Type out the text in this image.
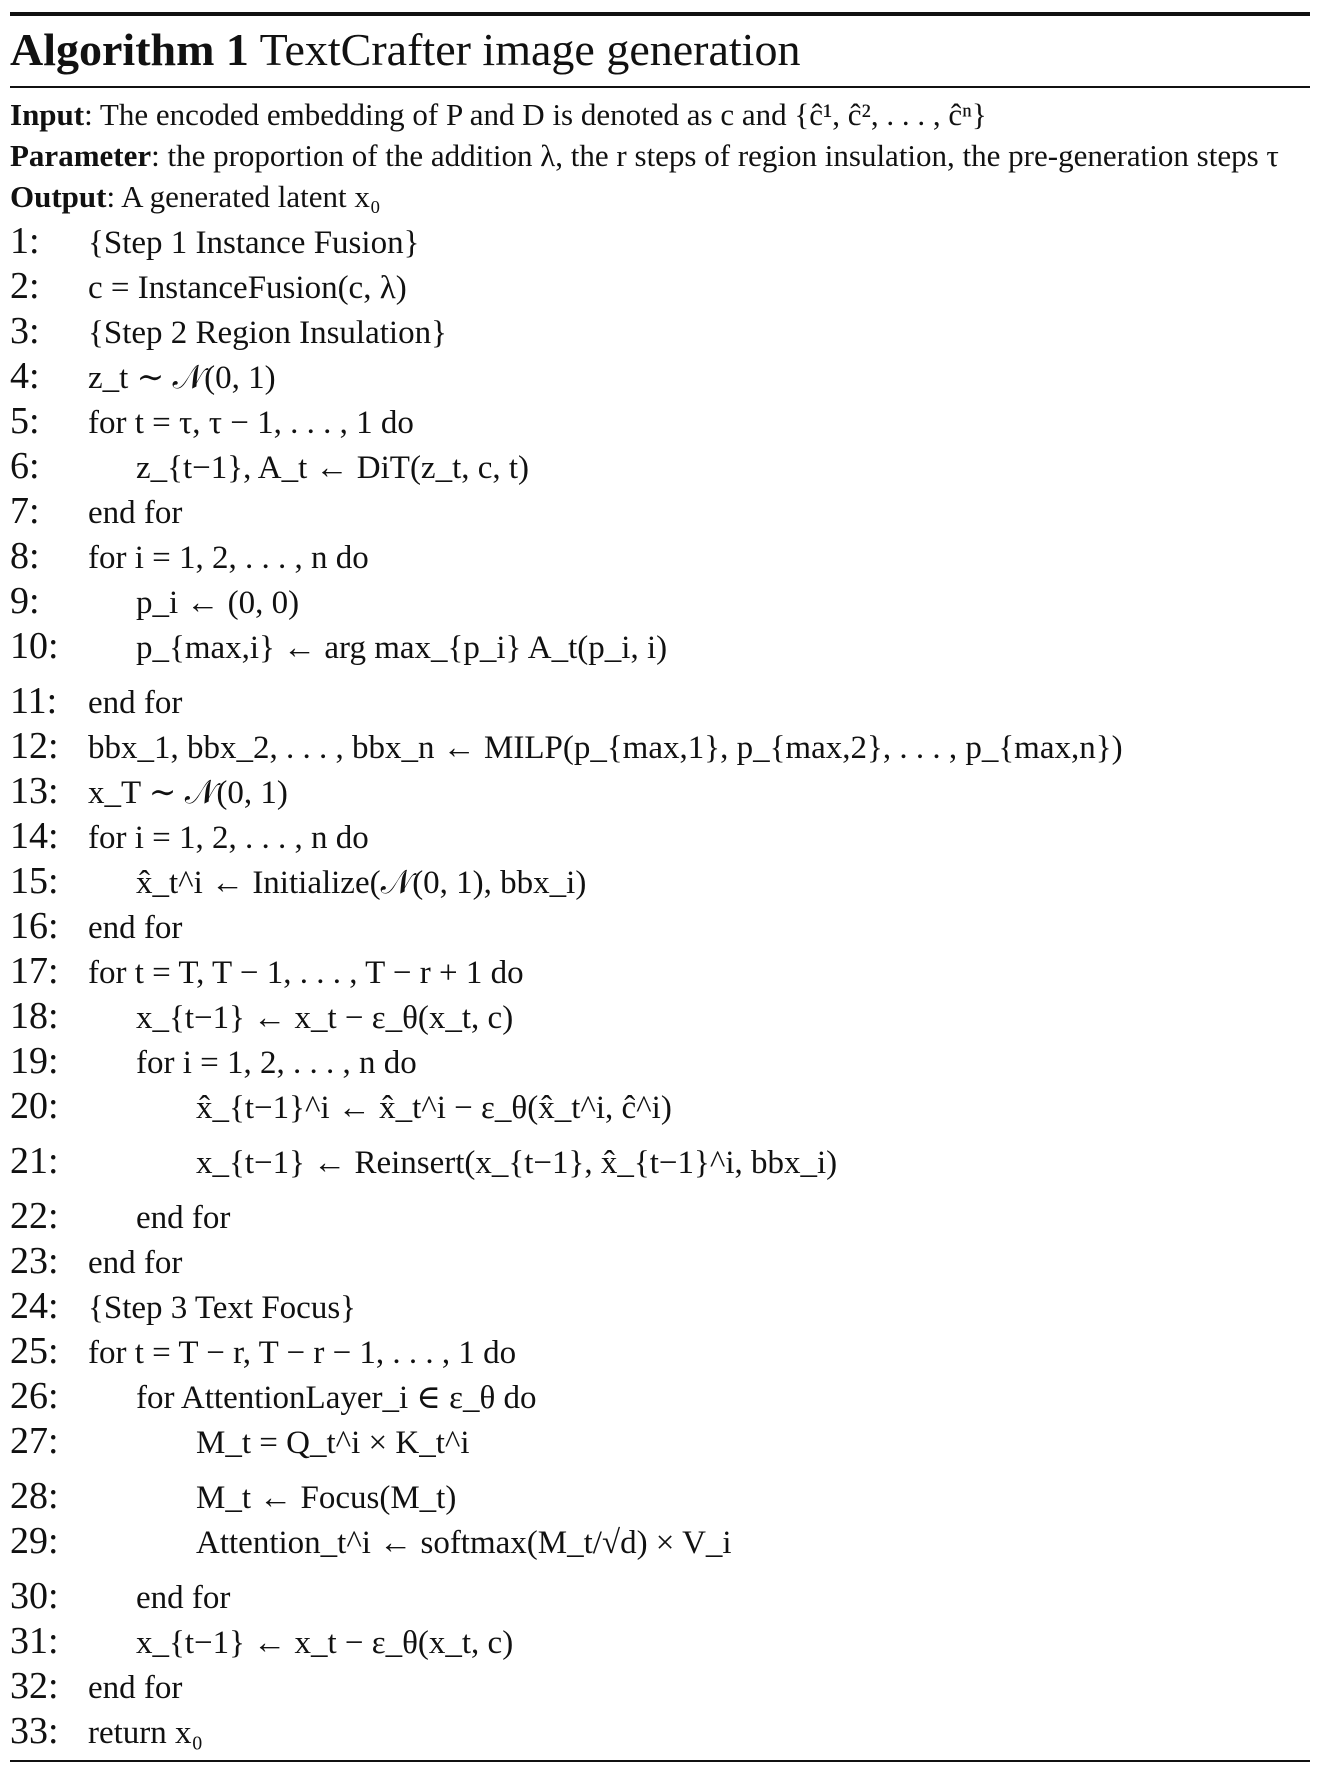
Algorithm 1 TextCrafter image generation
Input: The encoded embedding of P and D is denoted as c and {ĉ¹, ĉ², . . . , ĉⁿ}
Parameter: the proportion of the addition λ, the r steps of region insulation, the pre-generation steps τ
Output: A generated latent x₀
1:	{Step 1 Instance Fusion}
2:	c = InstanceFusion(c, λ)
3:	{Step 2 Region Insulation}
4:	z_t ∼ 𝒩(0, 1)
5:	for t = τ, τ − 1, . . . , 1 do
6:	z_{t−1}, A_t ← DiT(z_t, c, t)
7:	end for
8:	for i = 1, 2, . . . , n do
9:	p_i ← (0, 0)
10:	p_{max,i} ← arg max_{p_i} A_t(p_i, i)
11: end for
12: bbx_1, bbx_2, . . . , bbx_n ← MILP(p_{max,1}, p_{max,2}, . . . , p_{max,n})
13: x_T ∼ 𝒩(0, 1)
14: for i = 1, 2, . . . , n do
15:	x̂_t^i ← Initialize(𝒩(0, 1), bbx_i)
16: end for
17: for t = T, T − 1, . . . , T − r + 1 do
18:	x_{t−1} ← x_t − ε_θ(x_t, c)
19:	for i = 1, 2, . . . , n do
20:	x̂_{t−1}^i ← x̂_t^i − ε_θ(x̂_t^i, ĉ^i)
21:	x_{t−1} ← Reinsert(x_{t−1}, x̂_{t−1}^i, bbx_i)
22:	end for
23: end for
24: {Step 3 Text Focus}
25: for t = T − r, T − r − 1, . . . , 1 do
26:	for AttentionLayer_i ∈ ε_θ do
27:	M_t = Q_t^i × K_t^i
28:	M_t ← Focus(M_t)
29:	Attention_t^i ← softmax(M_t/√d) × V_i
30:	end for
31:	x_{t−1} ← x_t − ε_θ(x_t, c)
32: end for
33: return x₀
